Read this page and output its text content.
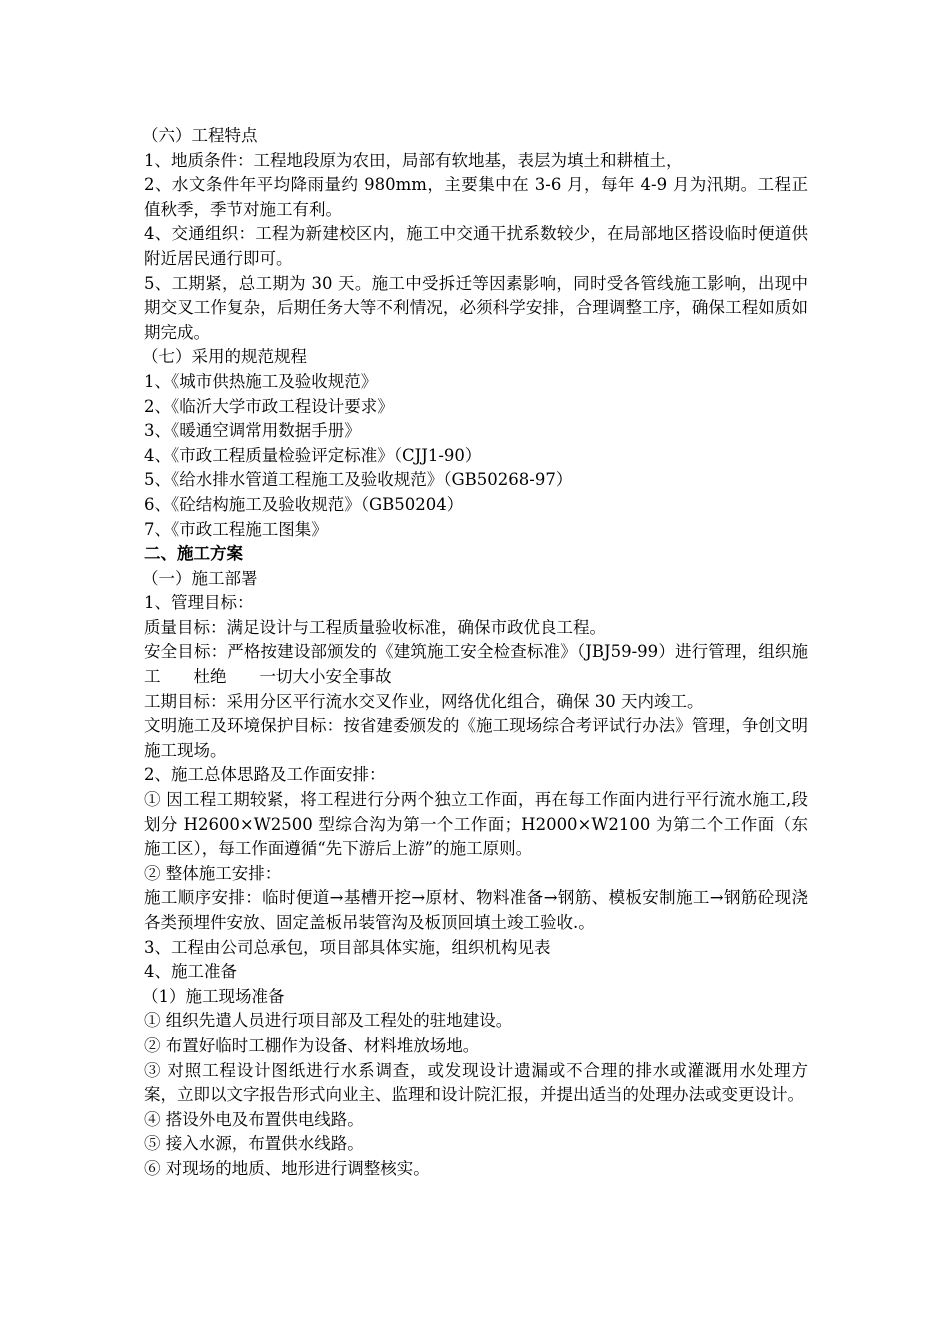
（六）工程特点
1、地质条件：工程地段原为农田，局部有软地基，表层为填土和耕植土，
2、水文条件年平均降雨量约 980mm，主要集中在 3-6 月，每年 4-9 月为汛期。工程正值秋季，季节对施工有利。
4、交通组织：工程为新建校区内，施工中交通干扰系数较少，在局部地区搭设临时便道供附近居民通行即可。
5、工期紧，总工期为 30 天。施工中受拆迁等因素影响，同时受各管线施工影响，出现中期交叉工作复杂，后期任务大等不利情况，必须科学安排，合理调整工序，确保工程如质如期完成。
（七）采用的规范规程
1、《城市供热施工及验收规范》
2、《临沂大学市政工程设计要求》
3、《暖通空调常用数据手册》
4、《市政工程质量检验评定标准》（CJJ1-90）
5、《给水排水管道工程施工及验收规范》（GB50268-97）
6、《砼结构施工及验收规范》（GB50204）
7、《市政工程施工图集》
二、施工方案
（一）施工部署
1、管理目标：
质量目标：满足设计与工程质量验收标准，确保市政优良工程。
安全目标：严格按建设部颁发的《建筑施工安全检查标准》（JBJ59-99）进行管理，组织施工　　杜绝　　一切大小安全事故
工期目标：采用分区平行流水交叉作业，网络优化组合，确保 30 天内竣工。
文明施工及环境保护目标：按省建委颁发的《施工现场综合考评试行办法》管理，争创文明施工现场。
2、施工总体思路及工作面安排：
① 因工程工期较紧，将工程进行分两个独立工作面，再在每工作面内进行平行流水施工,段划分 H2600×W2500 型综合沟为第一个工作面；H2000×W2100 为第二个工作面（东施工区），每工作面遵循“先下游后上游”的施工原则。
② 整体施工安排：
施工顺序安排：临时便道→基槽开挖→原材、物料准备→钢筋、模板安制施工→钢筋砼现浇各类预埋件安放、固定盖板吊装管沟及板顶回填土竣工验收.。
3、工程由公司总承包，项目部具体实施，组织机构见表
4、施工准备
（1）施工现场准备
① 组织先遣人员进行项目部及工程处的驻地建设。
② 布置好临时工棚作为设备、材料堆放场地。
③ 对照工程设计图纸进行水系调查，或发现设计遗漏或不合理的排水或灌溉用水处理方案，立即以文字报告形式向业主、监理和设计院汇报，并提出适当的处理办法或变更设计。
④ 搭设外电及布置供电线路。
⑤ 接入水源，布置供水线路。
⑥ 对现场的地质、地形进行调整核实。
